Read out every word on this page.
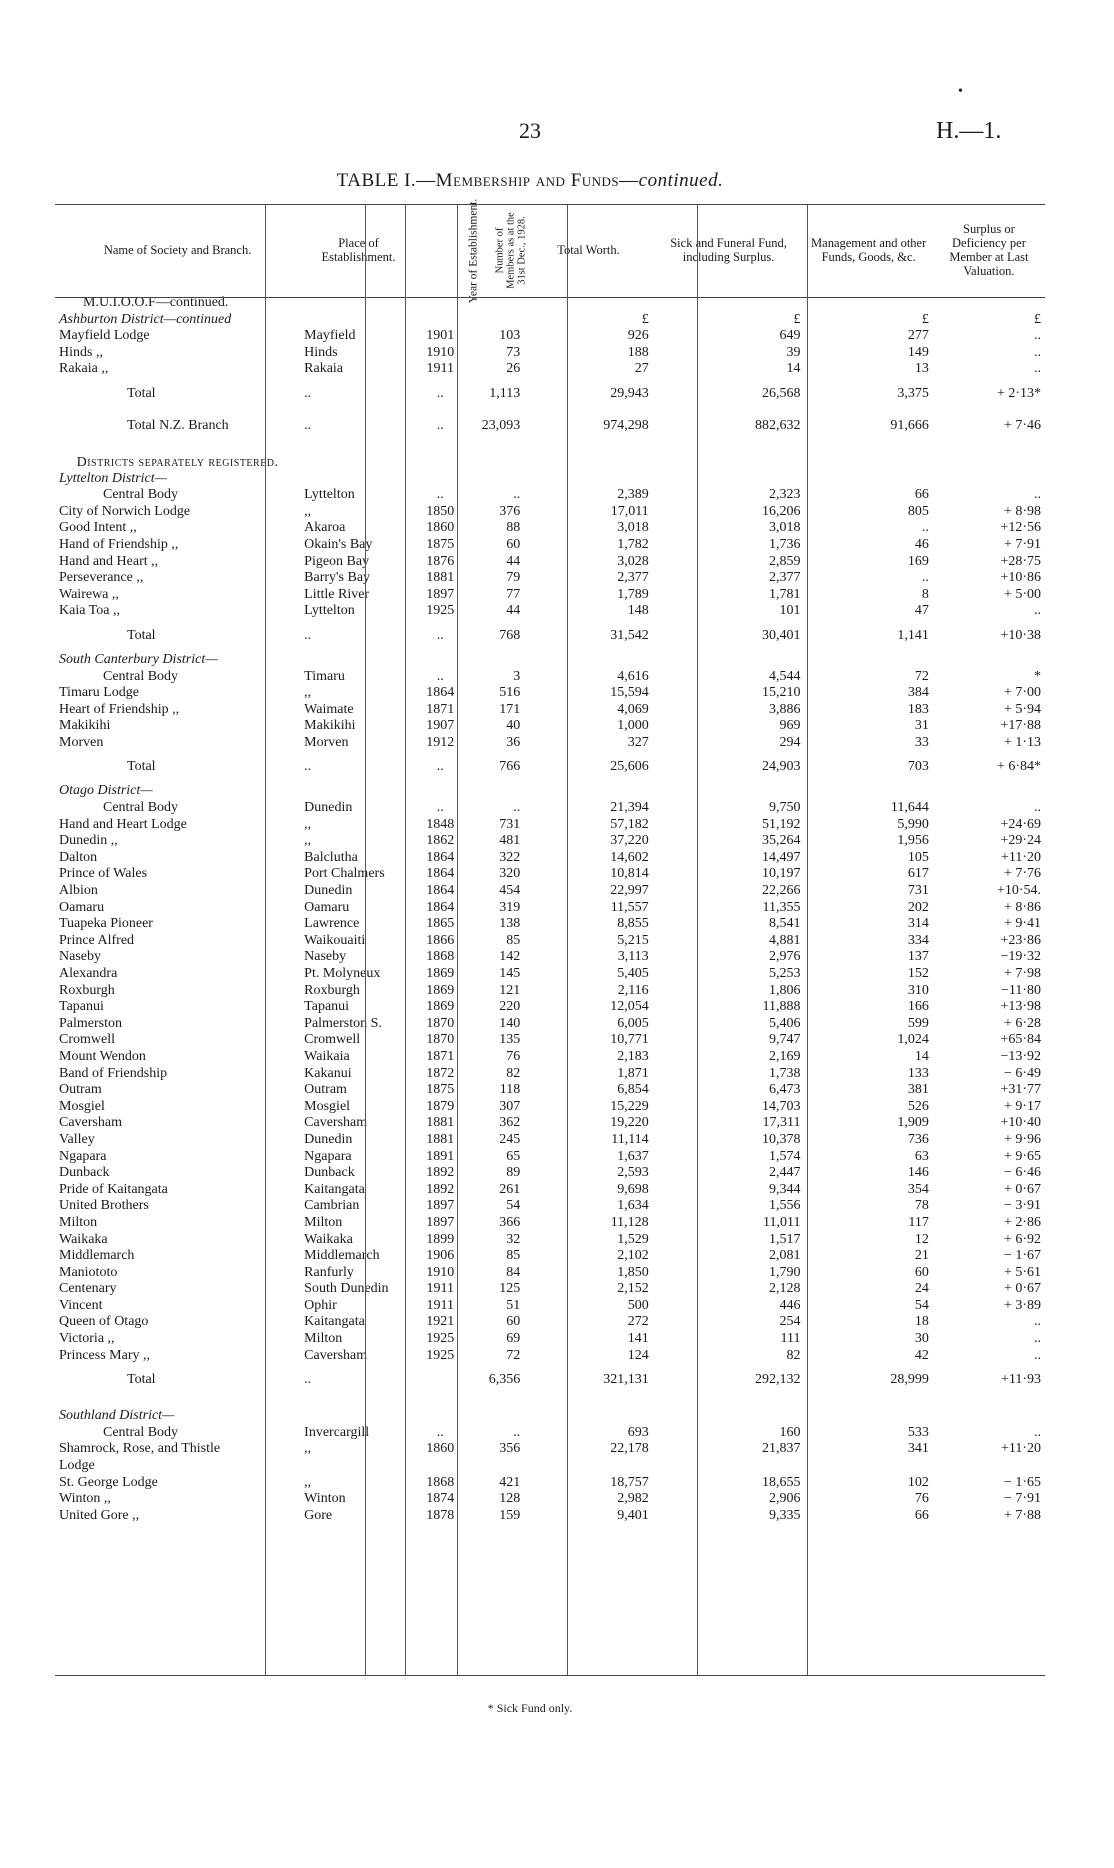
•
23	H.—1.
TABLE I.—Membership and Funds—continued.
Name of Society and Branch.	Place of Establishment.	Year of Establishment.	Number of Members as at the 31st Dec., 1928.	Total Worth.	Sick and Funeral Fund, including Surplus.	Management and other Funds, Goods, &c.	Surplus or Deficiency per Member at Last Valuation.
M.U.I.O.O.F—continued.							
Ashburton District—continued				£	£	£	£
Mayfield Lodge	Mayfield	1901	103	926	649	277	..
Hinds ,,	Hinds	1910	73	188	39	149	..
Rakaia ,,	Rakaia	1911	26	27	14	13	..
Total	..	..	1,113	29,943	26,568	3,375	+ 2·13*
Total N.Z. Branch	..	..	23,093	974,298	882,632	91,666	+ 7·46

Districts separately registered.							
Lyttelton District—							
Central Body	Lyttelton	..	..	2,389	2,323	66	..
City of Norwich Lodge	,,	1850	376	17,011	16,206	805	+ 8·98
Good Intent ,,	Akaroa	1860	88	3,018	3,018	..	+12·56
Hand of Friendship ,,	Okain's Bay	1875	60	1,782	1,736	46	+ 7·91
Hand and Heart ,,	Pigeon Bay	1876	44	3,028	2,859	169	+28·75
Perseverance ,,	Barry's Bay	1881	79	2,377	2,377	..	+10·86
Wairewa ,,	Little River	1897	77	1,789	1,781	8	+ 5·00
Kaia Toa ,,	Lyttelton	1925	44	148	101	47	..
Total	..	..	768	31,542	30,401	1,141	+10·38
South Canterbury District—							
Central Body	Timaru	..	3	4,616	4,544	72	*
Timaru Lodge	,,	1864	516	15,594	15,210	384	+ 7·00
Heart of Friendship ,,	Waimate	1871	171	4,069	3,886	183	+ 5·94
Makikihi	Makikihi	1907	40	1,000	969	31	+17·88
Morven	Morven	1912	36	327	294	33	+ 1·13
Total	..	..	766	25,606	24,903	703	+ 6·84*
Otago District—							
Central Body	Dunedin	..	..	21,394	9,750	11,644	..
Hand and Heart Lodge	,,	1848	731	57,182	51,192	5,990	+24·69
Dunedin ,,	,,	1862	481	37,220	35,264	1,956	+29·24
Dalton	Balclutha	1864	322	14,602	14,497	105	+11·20
Prince of Wales	Port Chalmers	1864	320	10,814	10,197	617	+ 7·76
Albion	Dunedin	1864	454	22,997	22,266	731	+10·54.
Oamaru	Oamaru	1864	319	11,557	11,355	202	+ 8·86
Tuapeka Pioneer	Lawrence	1865	138	8,855	8,541	314	+ 9·41
Prince Alfred	Waikouaiti	1866	85	5,215	4,881	334	+23·86
Naseby	Naseby	1868	142	3,113	2,976	137	−19·32
Alexandra	Pt. Molyneux	1869	145	5,405	5,253	152	+ 7·98
Roxburgh	Roxburgh	1869	121	2,116	1,806	310	−11·80
Tapanui	Tapanui	1869	220	12,054	11,888	166	+13·98
Palmerston	Palmerston S.	1870	140	6,005	5,406	599	+ 6·28
Cromwell	Cromwell	1870	135	10,771	9,747	1,024	+65·84
Mount Wendon	Waikaia	1871	76	2,183	2,169	14	−13·92
Band of Friendship	Kakanui	1872	82	1,871	1,738	133	− 6·49
Outram	Outram	1875	118	6,854	6,473	381	+31·77
Mosgiel	Mosgiel	1879	307	15,229	14,703	526	+ 9·17
Caversham	Caversham	1881	362	19,220	17,311	1,909	+10·40
Valley	Dunedin	1881	245	11,114	10,378	736	+ 9·96
Ngapara	Ngapara	1891	65	1,637	1,574	63	+ 9·65
Dunback	Dunback	1892	89	2,593	2,447	146	− 6·46
Pride of Kaitangata	Kaitangata	1892	261	9,698	9,344	354	+ 0·67
United Brothers	Cambrian	1897	54	1,634	1,556	78	− 3·91
Milton	Milton	1897	366	11,128	11,011	117	+ 2·86
Waikaka	Waikaka	1899	32	1,529	1,517	12	+ 6·92
Middlemarch	Middlemarch	1906	85	2,102	2,081	21	− 1·67
Maniototo	Ranfurly	1910	84	1,850	1,790	60	+ 5·61
Centenary	South Dunedin	1911	125	2,152	2,128	24	+ 0·67
Vincent	Ophir	1911	51	500	446	54	+ 3·89
Queen of Otago	Kaitangata	1921	60	272	254	18	..
Victoria ,,	Milton	1925	69	141	111	30	..
Princess Mary ,,	Caversham	1925	72	124	82	42	..
Total	..		6,356	321,131	292,132	28,999	+11·93

Southland District—							
Central Body	Invercargill	..	..	693	160	533	..
Shamrock, Rose, and Thistle	,,	1860	356	22,178	21,837	341	+11·20
Lodge							
St. George Lodge	,,	1868	421	18,757	18,655	102	− 1·65
Winton ,,	Winton	1874	128	2,982	2,906	76	− 7·91
United Gore ,,	Gore	1878	159	9,401	9,335	66	+ 7·88
* Sick Fund only.
